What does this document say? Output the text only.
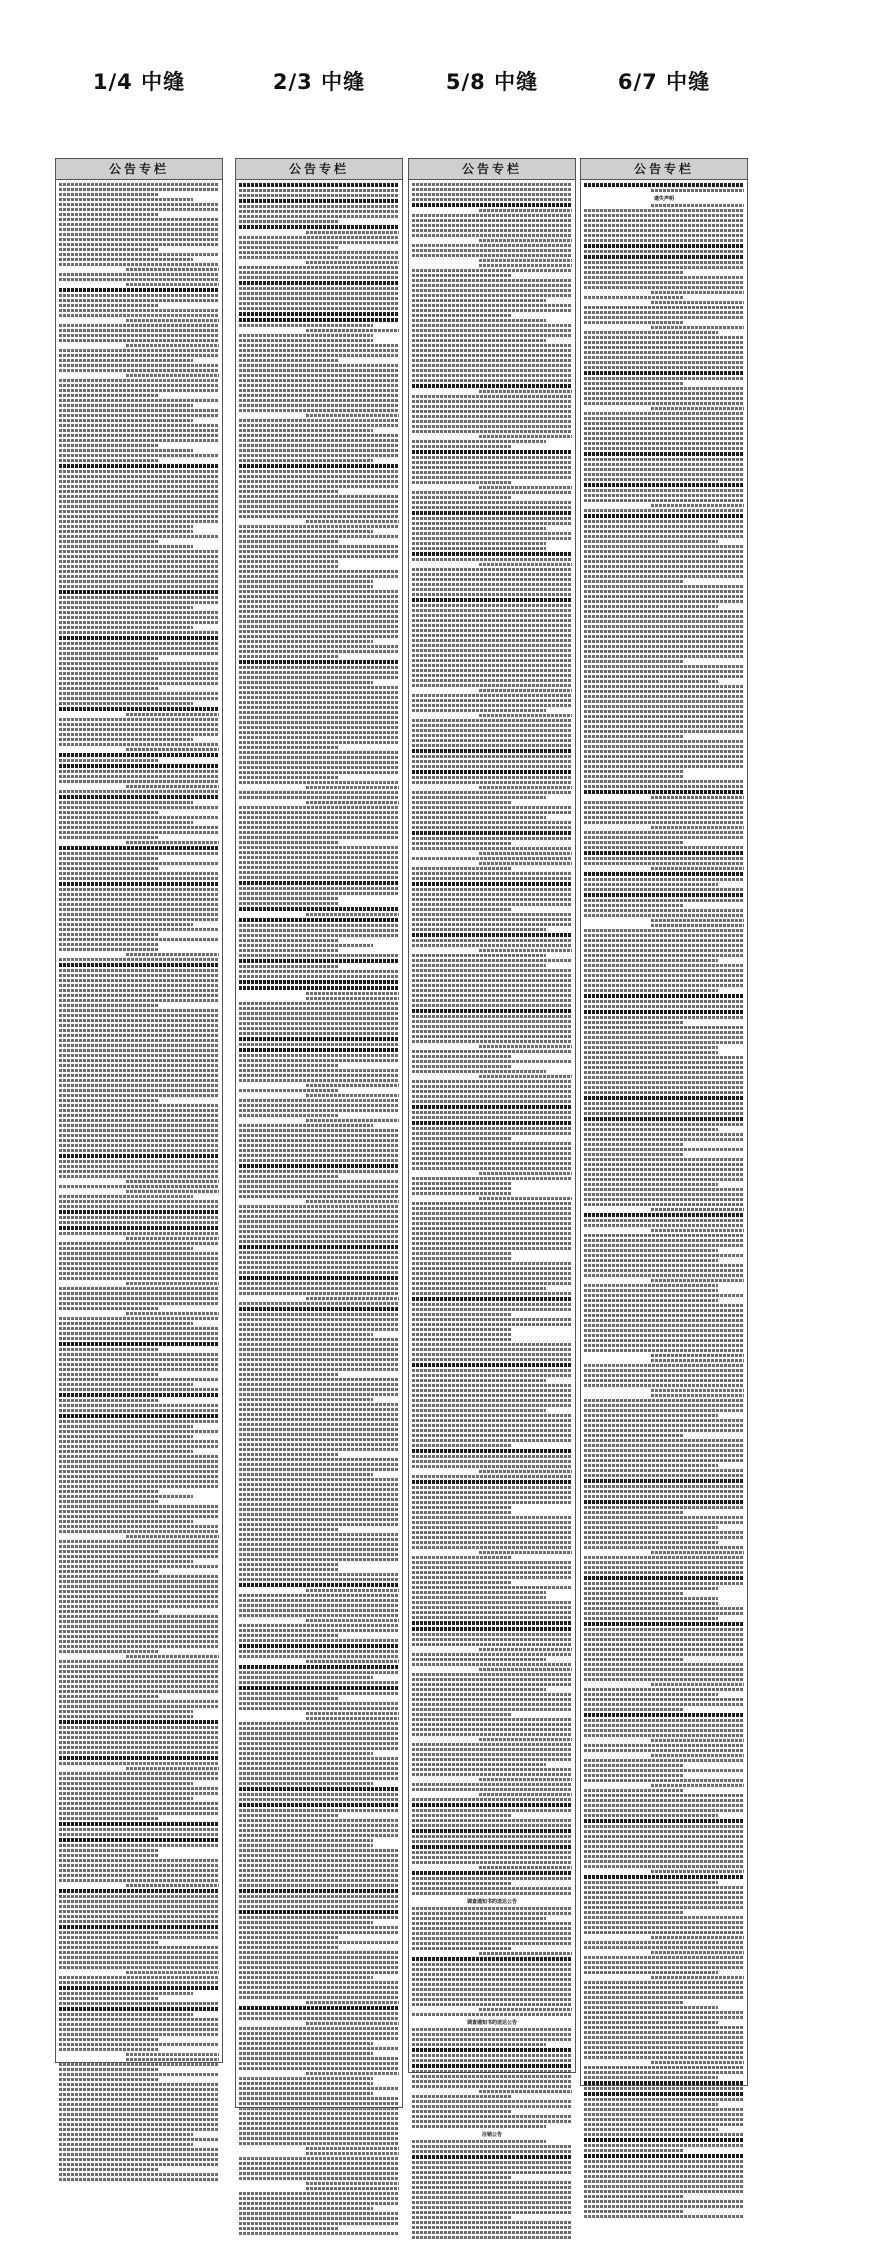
1/4 中缝
公告专栏
2/3 中缝
公告专栏
5/8 中缝
公告专栏
调查通知书的送达公告
调查通知书的送达公告
注销公告
6/7 中缝
公告专栏
遗失声明
